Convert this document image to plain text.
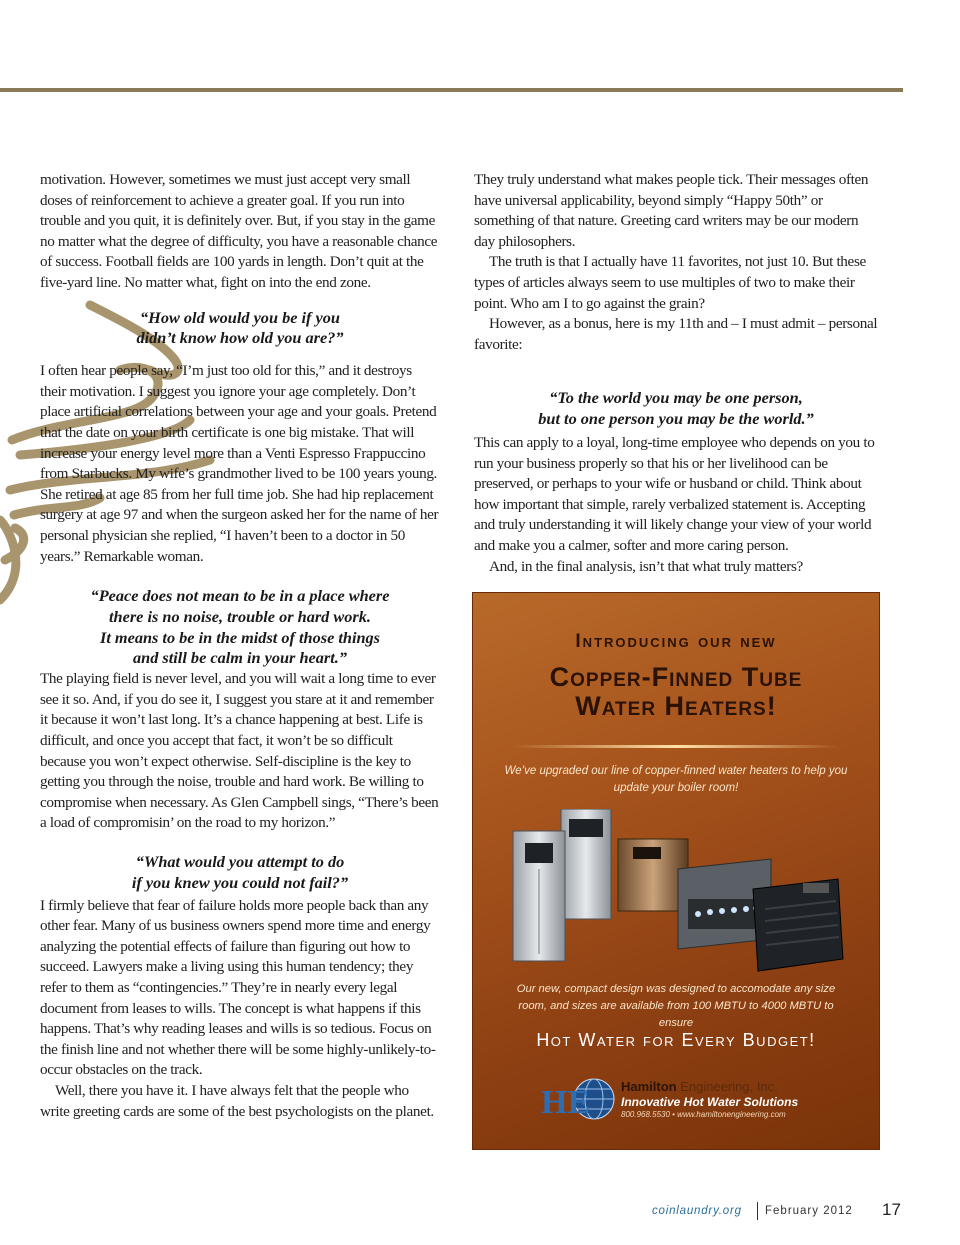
motivation. However, sometimes we must just accept very small doses of reinforcement to achieve a greater goal. If you run into trouble and you quit, it is definitely over. But, if you stay in the game no matter what the degree of difficulty, you have a reasonable chance of success. Football fields are 100 yards in length. Don’t quit at the five-yard line. No matter what, fight on into the end zone.

“How old would you be if you
didn’t know how old you are?”

I often hear people say, “I’m just too old for this,” and it destroys their motivation. I suggest you ignore your age completely. Don’t place artificial correlations between your age and your goals. Pretend that the date on your birth certificate is one big mistake. That will increase your energy level more than a Venti Espresso Frappuccino from Starbucks. My wife’s grandmother lived to be 100 years young. She retired at age 85 from her full time job. She had hip replacement surgery at age 97 and when the surgeon asked her for the name of her personal physician she replied, “I haven’t been to a doctor in 50 years.” Remarkable woman.

“Peace does not mean to be in a place where
there is no noise, trouble or hard work.
It means to be in the midst of those things
and still be calm in your heart.”

The playing field is never level, and you will wait a long time to ever see it so. And, if you do see it, I suggest you stare at it and remember it because it won’t last long. It’s a chance happening at best. Life is difficult, and once you accept that fact, it won’t be so difficult because you won’t expect otherwise. Self-discipline is the key to getting you through the noise, trouble and hard work. Be willing to compromise when necessary. As Glen Campbell sings, “There’s been a load of compromisin’ on the road to my horizon.”

“What would you attempt to do
if you knew you could not fail?”

I firmly believe that fear of failure holds more people back than any other fear. Many of us business owners spend more time and energy analyzing the potential effects of failure than figuring out how to succeed. Lawyers make a living using this human tendency; they refer to them as “contingencies.” They’re in nearly every legal document from leases to wills. The concept is what happens if this happens. That’s why reading leases and wills is so tedious. Focus on the finish line and not whether there will be some highly-unlikely-to-occur obstacles on the track.

Well, there you have it. I have always felt that the people who write greeting cards are some of the best psychologists on the planet.

They truly understand what makes people tick. Their messages often have universal applicability, beyond simply “Happy 50th” or something of that nature. Greeting card writers may be our modern day philosophers.

The truth is that I actually have 11 favorites, not just 10. But these types of articles always seem to use multiples of two to make their point. Who am I to go against the grain?

However, as a bonus, here is my 11th and – I must admit – personal favorite:

“To the world you may be one person,
but to one person you may be the world.”

This can apply to a loyal, long-time employee who depends on you to run your business properly so that his or her livelihood can be preserved, or perhaps to your wife or husband or child. Think about how important that simple, rarely verbalized statement is. Accepting and truly understanding it will likely change your view of your world and make you a calmer, softer and more caring person.

And, in the final analysis, isn’t that what truly matters?

Introducing our new
Copper-Finned Tube
Water Heaters!
We’ve upgraded our line of copper-finned water heaters to help you update your boiler room!
Our new, compact design was designed to accomodate any size room, and sizes are available from 100 MBTU to 4000 MBTU to ensure
Hot Water for Every Budget!
HE Hamilton Engineering, Inc.
Innovative Hot Water Solutions
800.968.5530 • www.hamiltonengineering.com
coinlaundry.org February 2012 17
